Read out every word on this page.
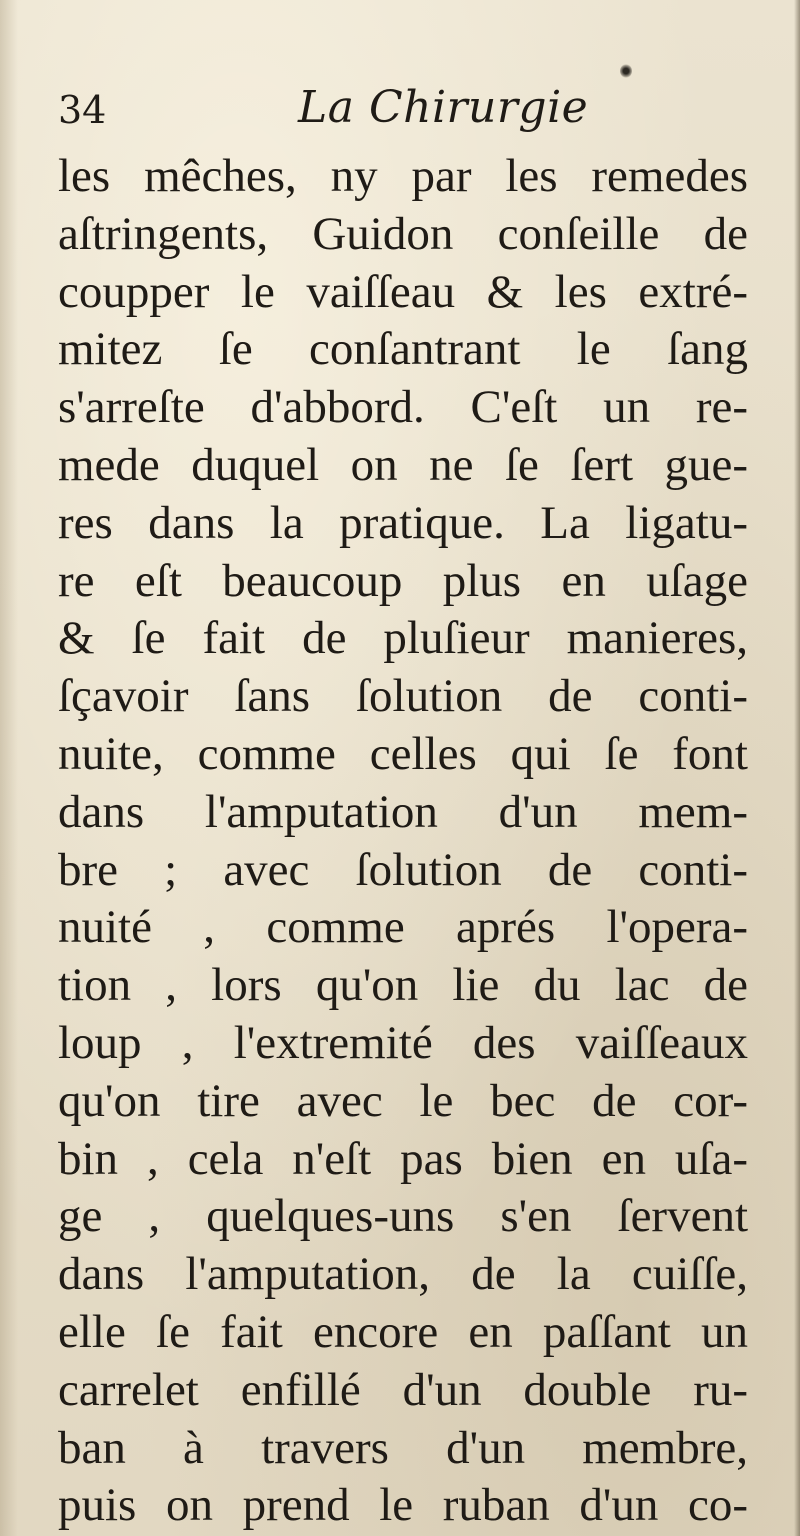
34	La Chirurgie
les mêches, ny par les remedes
aſtringents, Guidon conſeille de
coupper le vaiſſeau & les extré-
mitez ſe conſantrant le ſang
s'arreſte d'abbord. C'eſt un re-
mede duquel on ne ſe ſert gue-
res dans la pratique. La ligatu-
re eſt beaucoup plus en uſage
& ſe fait de pluſieur manieres,
ſçavoir ſans ſolution de conti-
nuite, comme celles qui ſe font
dans l'amputation d'un mem-
bre ; avec ſolution de conti-
nuité , comme aprés l'opera-
tion , lors qu'on lie du lac de
loup , l'extremité des vaiſſeaux
qu'on tire avec le bec de cor-
bin , cela n'eſt pas bien en uſa-
ge , quelques-uns s'en ſervent
dans l'amputation, de la cuiſſe,
elle ſe fait encore en paſſant un
carrelet enfillé d'un double ru-
ban à travers d'un membre,
puis on prend le ruban d'un co-
